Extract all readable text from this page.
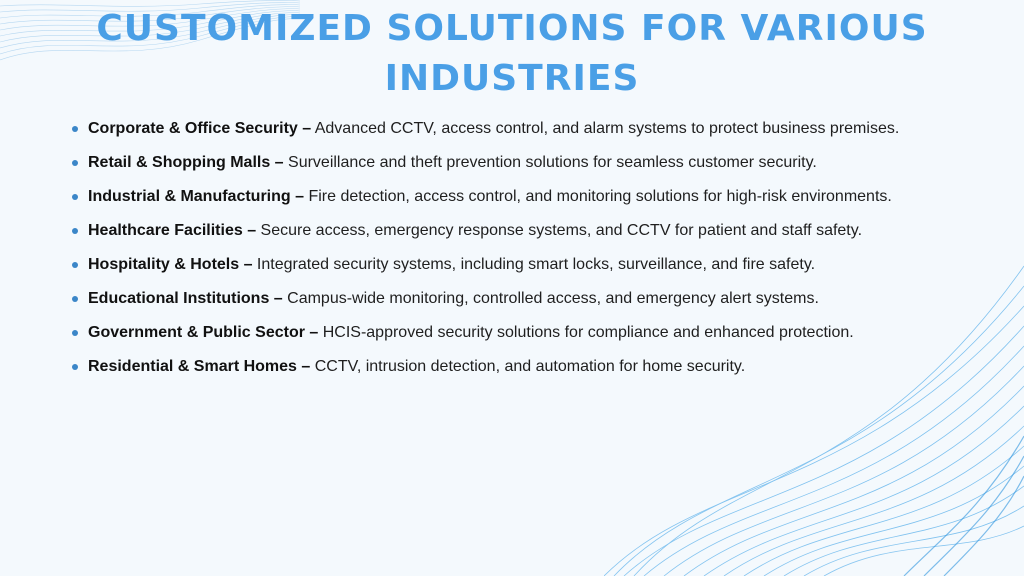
CUSTOMIZED SOLUTIONS FOR VARIOUS INDUSTRIES
Corporate & Office Security – Advanced CCTV, access control, and alarm systems to protect business premises.
Retail & Shopping Malls – Surveillance and theft prevention solutions for seamless customer security.
Industrial & Manufacturing – Fire detection, access control, and monitoring solutions for high-risk environments.
Healthcare Facilities – Secure access, emergency response systems, and CCTV for patient and staff safety.
Hospitality & Hotels – Integrated security systems, including smart locks, surveillance, and fire safety.
Educational Institutions – Campus-wide monitoring, controlled access, and emergency alert systems.
Government & Public Sector – HCIS-approved security solutions for compliance and enhanced protection.
Residential & Smart Homes – CCTV, intrusion detection, and automation for home security.
